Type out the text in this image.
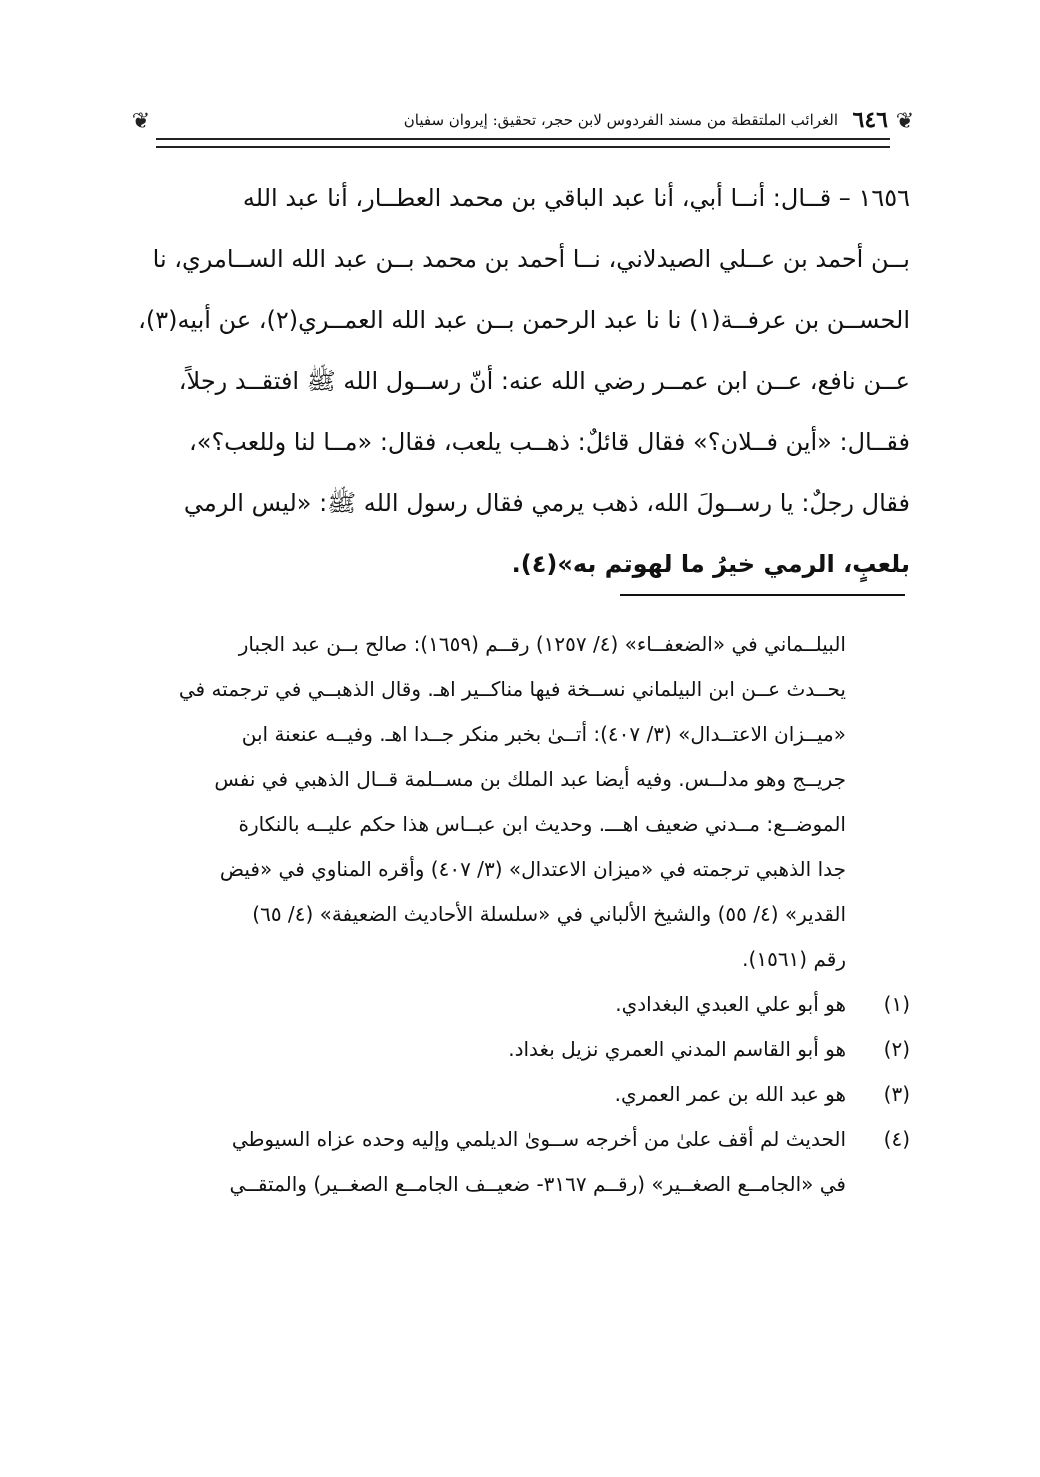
❦
٦٤٦
الغرائب الملتقطة من مسند الفردوس لابن حجر، تحقيق: إيروان سفيان
❦
١٦٥٦ – قــال: أنــا أبي، أنا عبد الباقي بن محمد العطــار، أنا عبد الله
بــن أحمد بن عــلي الصيدلاني، نــا أحمد بن محمد بــن عبد الله الســامري، نا
الحســن بن عرفــة(١) نا نا عبد الرحمن بــن عبد الله العمــري(٢)، عن أبيه(٣)،
عــن نافع، عــن ابن عمــر رضي الله عنه: أنّ رســول الله ﷺ افتقــد رجلاً،
فقــال: «أين فــلان؟» فقال قائلٌ: ذهــب يلعب، فقال: «مــا لنا وللعب؟»،
فقال رجلٌ: يا رســولَ الله، ذهب يرمي فقال رسول الله ﷺ: «ليس الرمي
بلعبٍ، الرمي خيرُ ما لهوتم به»(٤).
البيلــماني في «الضعفــاء» (٤/ ١٢٥٧) رقــم (١٦٥٩): صالح بــن عبد الجبار
يحــدث عــن ابن البيلماني نســخة فيها مناكــير اهـ. وقال الذهبــي في ترجمته في
«ميــزان الاعتــدال» (٣/ ٤٠٧): أتــىٰ بخبر منكر جــدا اهـ. وفيــه عنعنة ابن
جريــج وهو مدلــس. وفيه أيضا عبد الملك بن مســلمة قــال الذهبي في نفس
الموضــع: مــدني ضعيف اهـــ. وحديث ابن عبــاس هذا حكم عليــه بالنكارة
جدا الذهبي ترجمته في «ميزان الاعتدال» (٣/ ٤٠٧) وأقره المناوي في «فيض
القدير» (٤/ ٥٥) والشيخ الألباني في «سلسلة الأحاديث الضعيفة» (٤/ ٦٥)
رقم (١٥٦١).
(١)
هو أبو علي العبدي البغدادي.
(٢)
هو أبو القاسم المدني العمري نزيل بغداد.
(٣)
هو عبد الله بن عمر العمري.
(٤)
الحديث لم أقف علىٰ من أخرجه ســوىٰ الديلمي وإليه وحده عزاه السيوطي
في «الجامــع الصغــير» (رقــم ٣١٦٧- ضعيــف الجامــع الصغــير) والمتقــي
